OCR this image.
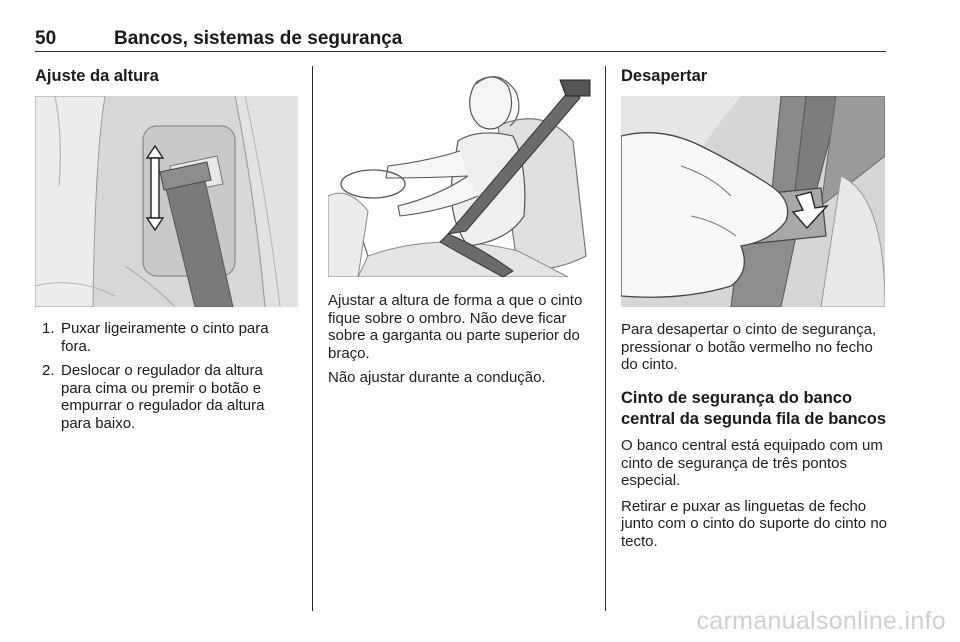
50	Bancos, sistemas de segurança
Ajuste da altura
1. Puxar ligeiramente o cinto para fora.
2. Deslocar o regulador da altura para cima ou premir o botão e empurrar o regulador da altura para baixo.

Ajustar a altura de forma a que o cinto fique sobre o ombro. Não deve ficar sobre a garganta ou parte superior do braço.

Não ajustar durante a condução.

Desapertar
Para desapertar o cinto de segurança, pressionar o botão vermelho no fecho do cinto.
Cinto de segurança do banco central da segunda fila de bancos

O banco central está equipado com um cinto de segurança de três pontos especial.

Retirar e puxar as linguetas de fecho junto com o cinto do suporte do cinto no tecto.

carmanualsonline.info
